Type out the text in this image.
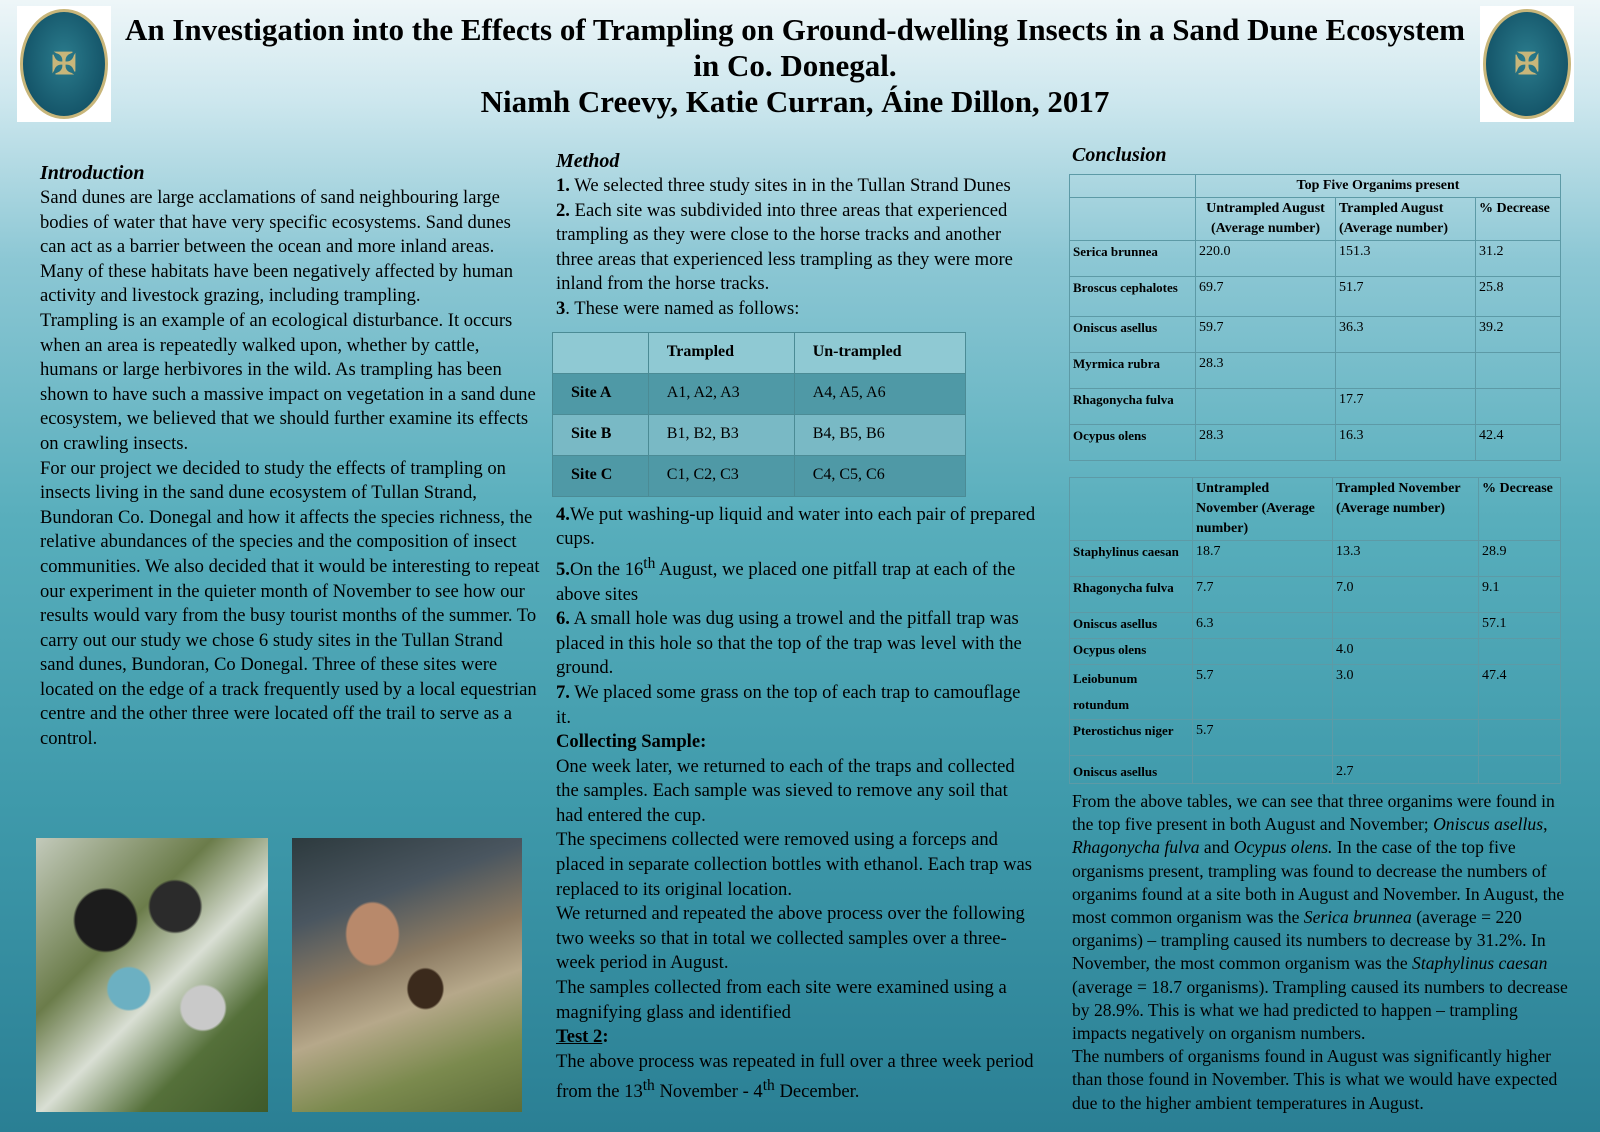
✠	✠
An Investigation into the Effects of Trampling on Ground-dwelling Insects in a Sand Dune Ecosystem in Co. Donegal.
Niamh Creevy, Katie Curran, Áine Dillon, 2017
Introduction
Sand dunes are large acclamations of sand neighbouring large bodies of water that have very specific ecosystems. Sand dunes can act as a barrier between the ocean and more inland areas. Many of these habitats have been negatively affected by human activity and livestock grazing, including trampling.
Trampling is an example of an ecological disturbance. It occurs when an area is repeatedly walked upon, whether by cattle, humans or large herbivores in the wild. As trampling has been shown to have such a massive impact on vegetation in a sand dune ecosystem, we believed that we should further examine its effects on crawling insects.
For our project we decided to study the effects of trampling on insects living in the sand dune ecosystem of Tullan Strand, Bundoran Co. Donegal and how it affects the species richness, the relative abundances of the species and the composition of insect communities. We also decided that it would be interesting to repeat our experiment in the quieter month of November to see how our results would vary from the busy tourist months of the summer. To carry out our study we chose 6 study sites in the Tullan Strand sand dunes, Bundoran, Co Donegal. Three of these sites were located on the edge of a track frequently used by a local equestrian centre and the other three were located off the trail to serve as a control.
Method
1. We selected three study sites in in the Tullan Strand Dunes
2. Each site was subdivided into three areas that experienced trampling as they were close to the horse tracks and another three areas that experienced less trampling as they were more inland from the horse tracks.
3. These were named as follows:
	Trampled	Un-trampled
Site A	A1, A2, A3	A4, A5, A6
Site B	B1, B2, B3	B4, B5, B6
Site C	C1, C2, C3	C4, C5, C6
4.We put washing-up liquid and water into each pair of prepared cups.
5.On the 16th August, we placed one pitfall trap at each of the above sites
6. A small hole was dug using a trowel and the pitfall trap was placed in this hole so that the top of the trap was level with the ground.
7. We placed some grass on the top of each trap to camouflage it.
Collecting Sample:
One week later, we returned to each of the traps and collected the samples. Each sample was sieved to remove any soil that had entered the cup.
The specimens collected were removed using a forceps and placed in separate collection bottles with ethanol. Each trap was replaced to its original location.
We returned and repeated the above process over the following two weeks so that in total we collected samples over a three-week period in August.
The samples collected from each site were examined using a magnifying glass and identified
Test 2:
The above process was repeated in full over a three week period from the 13th November - 4th December.
Conclusion
	Top Five Organims present		
	Untrampled August (Average number)	Trampled August (Average number)	% Decrease
Serica brunnea	220.0	151.3	31.2
Broscus cephalotes	69.7	51.7	25.8
Oniscus asellus	59.7	36.3	39.2
Myrmica rubra	28.3		
Rhagonycha fulva		17.7	
Ocypus olens	28.3	16.3	42.4
	Untrampled November (Average number)	Trampled November (Average number)	% Decrease
Staphylinus caesan	18.7	13.3	28.9
Rhagonycha fulva	7.7	7.0	9.1
Oniscus asellus	6.3		57.1
Ocypus olens		4.0	
Leiobunum rotundum	5.7	3.0	47.4
Pterostichus niger	5.7		
Oniscus asellus		2.7	
From the above tables, we can see that three organims were found in the top five present in both August and November; Oniscus asellus, Rhagonycha fulva and Ocypus olens. In the case of the top five organisms present, trampling was found to decrease the numbers of organims found at a site both in August and November. In August, the most common organism was the Serica brunnea (average = 220 organims) – trampling caused its numbers to decrease by 31.2%. In November, the most common organism was the Staphylinus caesan (average = 18.7 organisms). Trampling caused its numbers to decrease by 28.9%. This is what we had predicted to happen – trampling impacts negatively on organism numbers.
The numbers of organisms found in August was significantly higher than those found in November. This is what we would have expected due to the higher ambient temperatures in August.
